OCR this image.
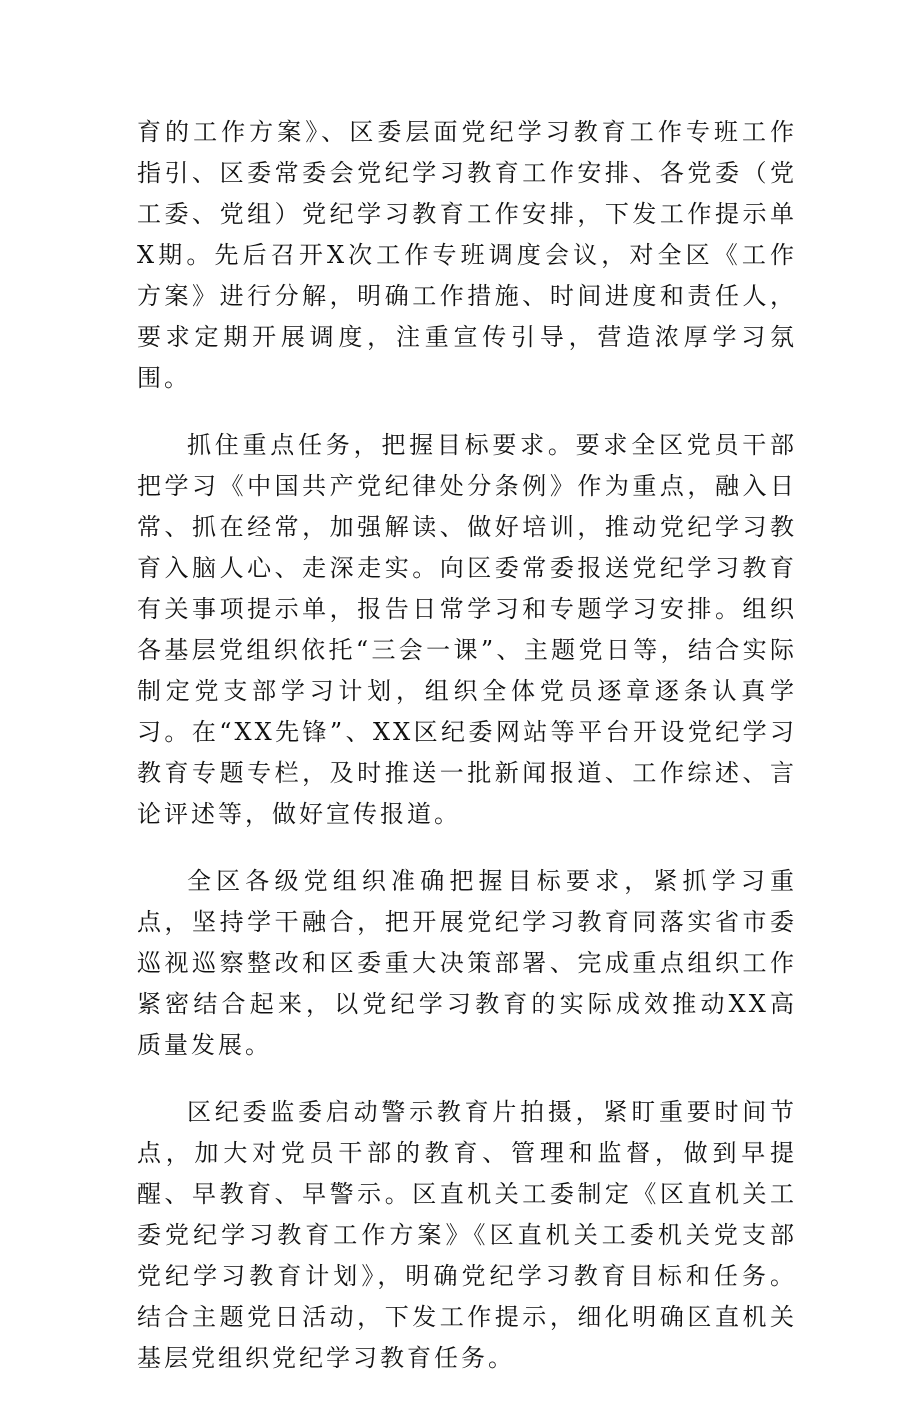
育的工作方案》、区委层面党纪学习教育工作专班工作指引、区委常委会党纪学习教育工作安排、各党委（党工委、党组）党纪学习教育工作安排，下发工作提示单X期。先后召开X次工作专班调度会议，对全区《工作方案》进行分解，明确工作措施、时间进度和责任人，要求定期开展调度，注重宣传引导，营造浓厚学习氛围。

抓住重点任务，把握目标要求。要求全区党员干部把学习《中国共产党纪律处分条例》作为重点，融入日常、抓在经常，加强解读、做好培训，推动党纪学习教育入脑人心、走深走实。向区委常委报送党纪学习教育有关事项提示单，报告日常学习和专题学习安排。组织各基层党组织依托“三会一课”、主题党日等，结合实际制定党支部学习计划，组织全体党员逐章逐条认真学习。在“XX先锋”、XX区纪委网站等平台开设党纪学习教育专题专栏，及时推送一批新闻报道、工作综述、言论评述等，做好宣传报道。

全区各级党组织准确把握目标要求，紧抓学习重点，坚持学干融合，把开展党纪学习教育同落实省市委巡视巡察整改和区委重大决策部署、完成重点组织工作紧密结合起来，以党纪学习教育的实际成效推动XX高质量发展。

区纪委监委启动警示教育片拍摄，紧盯重要时间节点，加大对党员干部的教育、管理和监督，做到早提醒、早教育、早警示。区直机关工委制定《区直机关工委党纪学习教育工作方案》《区直机关工委机关党支部党纪学习教育计划》，明确党纪学习教育目标和任务。结合主题党日活动，下发工作提示，细化明确区直机关基层党组织党纪学习教育任务。
